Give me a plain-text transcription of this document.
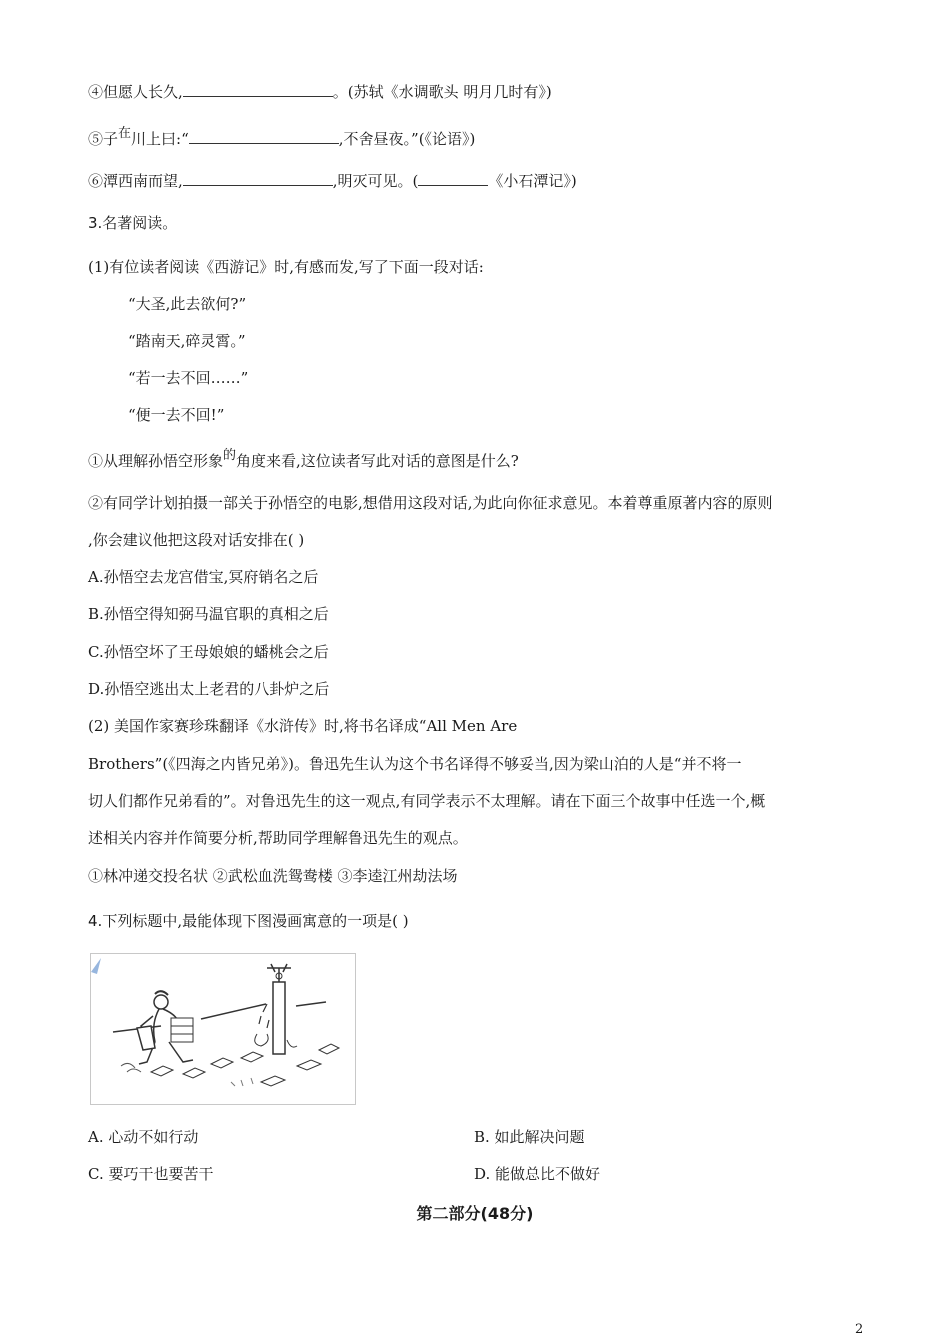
④但愿人长久,	。(苏轼《水调歌头 明月几时有》)
⑤子在川上曰:“	,不舍昼夜。”(《论语》)
⑥潭西南而望,	,明灭可见。(	《小石潭记》)
3.名著阅读。
(1)有位读者阅读《西游记》时,有感而发,写了下面一段对话:
“大圣,此去欲何?”
“踏南天,碎灵霄。”
“若一去不回……”
“便一去不回!”
①从理解孙悟空形象的角度来看,这位读者写此对话的意图是什么?
②有同学计划拍摄一部关于孙悟空的电影,想借用这段对话,为此向你征求意见。本着尊重原著内容的原则
,你会建议他把这段对话安排在( )
A.孙悟空去龙宫借宝,冥府销名之后
B.孙悟空得知弼马温官职的真相之后
C.孙悟空坏了王母娘娘的蟠桃会之后
D.孙悟空逃出太上老君的八卦炉之后
(2) 美国作家赛珍珠翻译《水浒传》时,将书名译成“All Men Are
Brothers”(《四海之内皆兄弟》)。鲁迅先生认为这个书名译得不够妥当,因为梁山泊的人是“并不将一
切人们都作兄弟看的”。对鲁迅先生的这一观点,有同学表示不太理解。请在下面三个故事中任选一个,概
述相关内容并作简要分析,帮助同学理解鲁迅先生的观点。
①林冲递交投名状 ②武松血洗鸳鸯楼 ③李逵江州劫法场
4.下列标题中,最能体现下图漫画寓意的一项是( )
A. 心动不如行动	B. 如此解决问题
C. 要巧干也要苦干	D. 能做总比不做好
第二部分(48分)
2
